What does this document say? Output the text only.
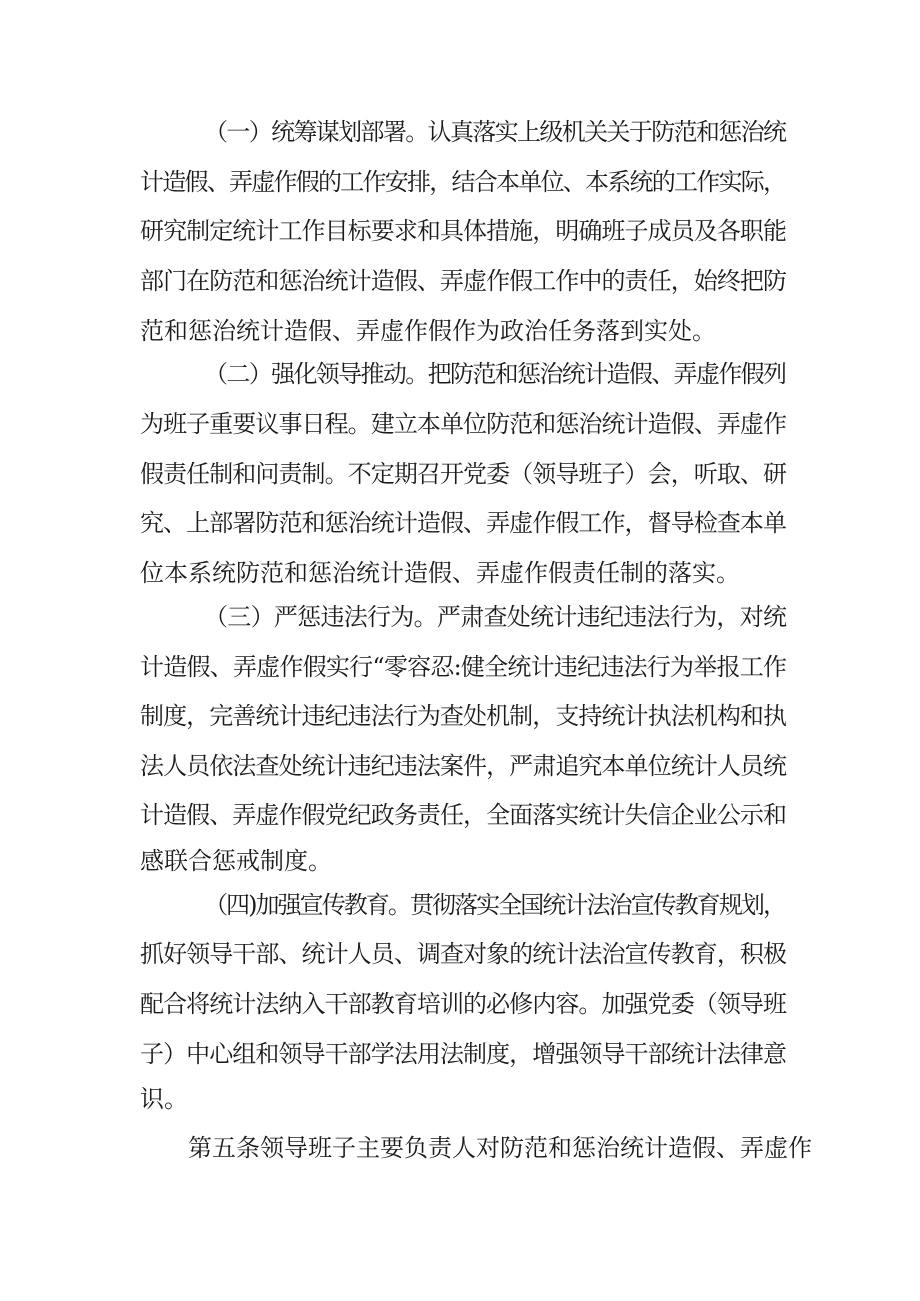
（一）统筹谋划部署。认真落实上级机关关于防范和惩治统
计造假、弄虚作假的工作安排，结合本单位、本系统的工作实际，
研究制定统计工作目标要求和具体措施，明确班子成员及各职能
部门在防范和惩治统计造假、弄虚作假工作中的责任，始终把防
范和惩治统计造假、弄虚作假作为政治任务落到实处。
（二）强化领导推动。把防范和惩治统计造假、弄虚作假列
为班子重要议事日程。建立本单位防范和惩治统计造假、弄虚作
假责任制和问责制。不定期召开党委（领导班子）会，听取、研
究、上部署防范和惩治统计造假、弄虚作假工作，督导检查本单
位本系统防范和惩治统计造假、弄虚作假责任制的落实。
（三）严惩违法行为。严肃查处统计违纪违法行为，对统
计造假、弄虚作假实行“零容忍:健全统计违纪违法行为举报工作
制度，完善统计违纪违法行为查处机制，支持统计执法机构和执
法人员依法查处统计违纪违法案件，严肃追究本单位统计人员统
计造假、弄虚作假党纪政务责任，全面落实统计失信企业公示和
感联合惩戒制度。
（四)加强宣传教育。贯彻落实全国统计法治宣传教育规划，
抓好领导干部、统计人员、调查对象的统计法治宣传教育，积极
配合将统计法纳入干部教育培训的必修内容。加强党委（领导班
子）中心组和领导干部学法用法制度，增强领导干部统计法律意
识。
第五条领导班子主要负责人对防范和惩治统计造假、弄虚作
